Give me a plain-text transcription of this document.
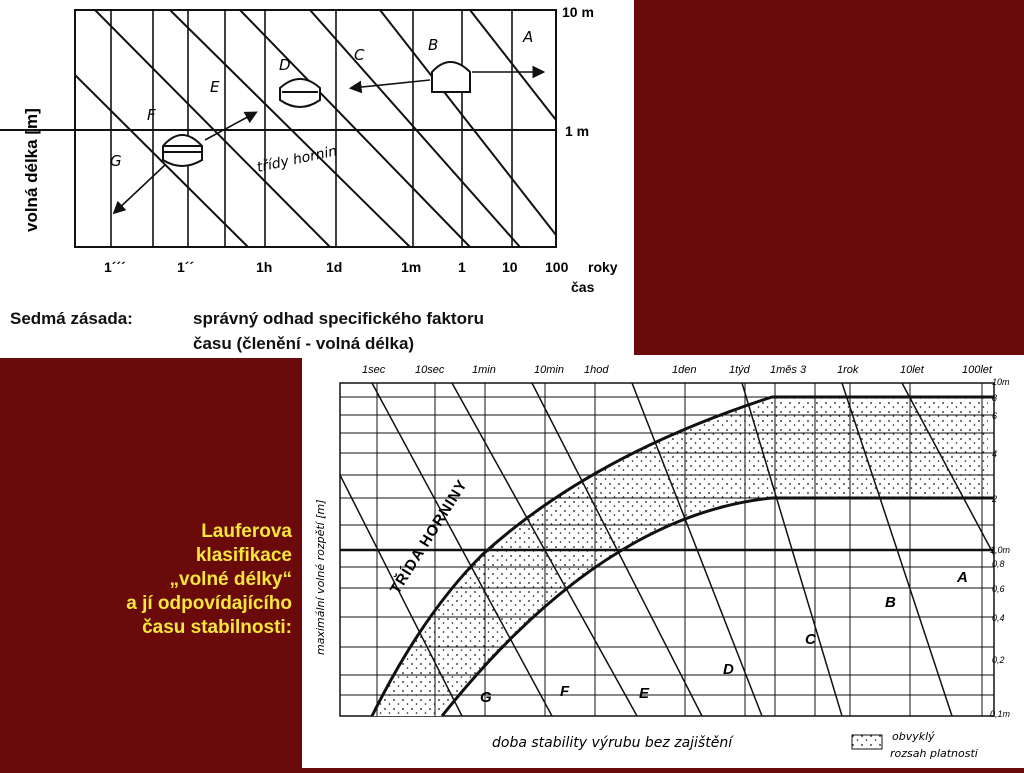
A
B
C
D
E
F
G	třídy hornin
10 m
1 m
1´´´	1´´	1h	1d	1m	1	10 100 roky
čas
volná délka [m]
Sedmá zásada:	správný odhad specifického faktoru
času (členění - volná délka)
1sec	10sec	1min	10min 1hod	1den	1týd 1měs 3	1rok	10let	100let
10m
8
6
4
2
1,0m
0,8
0,6
0,4
0,2
0,1m
maximální volné rozpětí [m]	TŘÍDA HORNINY	A
B
C
D
E
F
G
doba stability výrubu bez zajištění	obvyklý
rozsah platnosti
Lauferova
klasifikace
„volné délky“
a jí odpovídajícího
času stabilnosti:
